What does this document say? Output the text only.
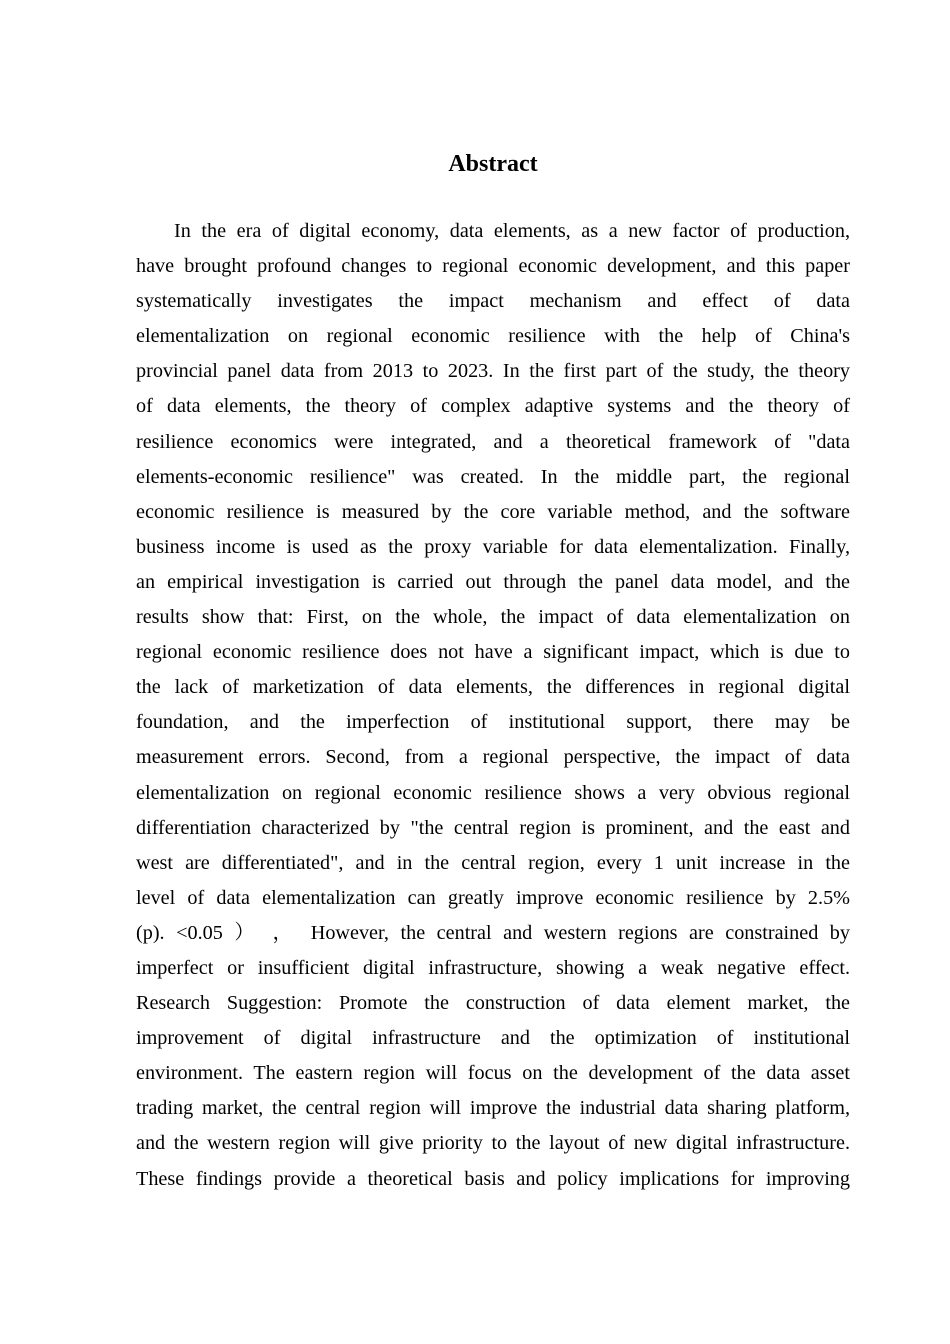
Abstract
In the era of digital economy, data elements, as a new factor of production,
have brought profound changes to regional economic development, and this paper
systematically investigates the impact mechanism and effect of data
elementalization on regional economic resilience with the help of China's
provincial panel data from 2013 to 2023. In the first part of the study, the theory
of data elements, the theory of complex adaptive systems and the theory of
resilience economics were integrated, and a theoretical framework of "data
elements-economic resilience" was created. In the middle part, the regional
economic resilience is measured by the core variable method, and the software
business income is used as the proxy variable for data elementalization. Finally,
an empirical investigation is carried out through the panel data model, and the
results show that: First, on the whole, the impact of data elementalization on
regional economic resilience does not have a significant impact, which is due to
the lack of marketization of data elements, the differences in regional digital
foundation, and the imperfection of institutional support, there may be
measurement errors. Second, from a regional perspective, the impact of data
elementalization on regional economic resilience shows a very obvious regional
differentiation characterized by "the central region is prominent, and the east and
west are differentiated", and in the central region, every 1 unit increase in the
level of data elementalization can greatly improve economic resilience by 2.5%
(p). <0.05 ） ， However, the central and western regions are constrained by
imperfect or insufficient digital infrastructure, showing a weak negative effect.
Research Suggestion: Promote the construction of data element market, the
improvement of digital infrastructure and the optimization of institutional
environment. The eastern region will focus on the development of the data asset
trading market, the central region will improve the industrial data sharing platform,
and the western region will give priority to the layout of new digital infrastructure.
These findings provide a theoretical basis and policy implications for improving
